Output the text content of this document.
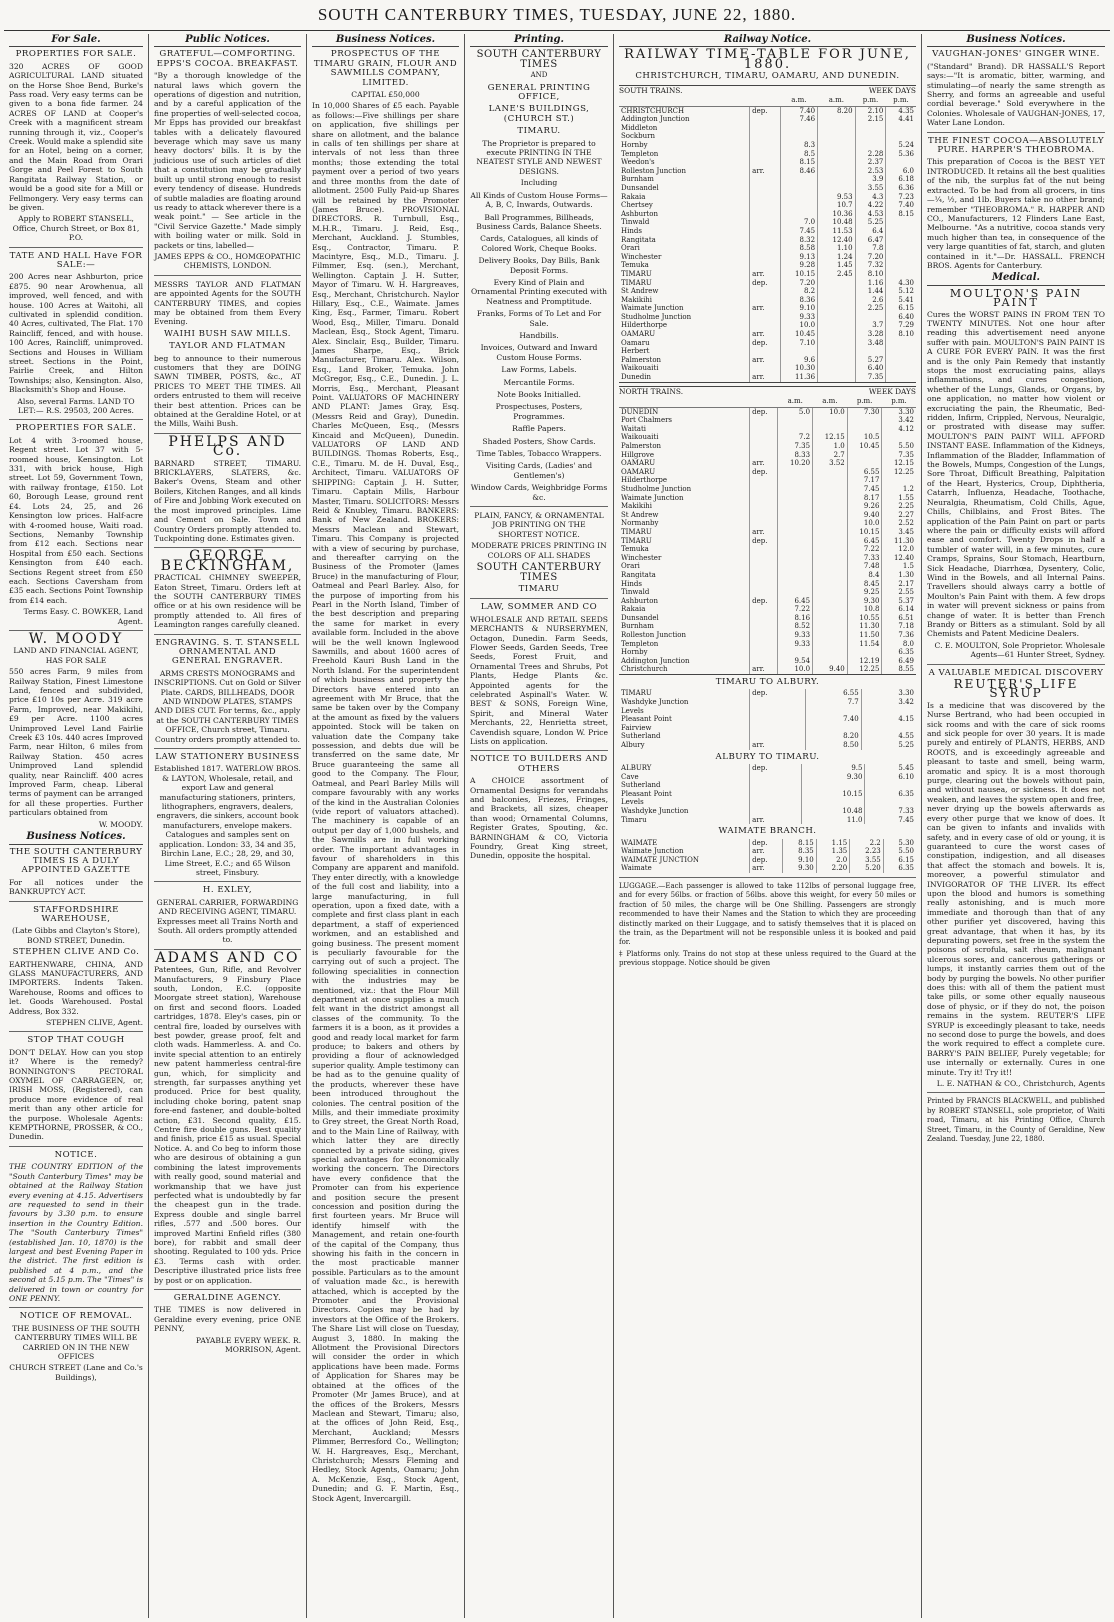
SOUTH CANTERBURY TIMES, TUESDAY, JUNE 22, 1880.
For Sale.
PROPERTIES FOR SALE.
320 ACRES OF GOOD AGRICULTURAL LAND situated on the Horse Shoe Bend, Burke's Pass road. Very easy terms can be given to a bona fide farmer. 24 ACRES OF LAND at Cooper's Creek with a magnificent stream running through it, viz., Cooper's Creek. Would make a splendid site for an Hotel, being on a corner, and the Main Road from Orari Gorge and Peel Forest to South Rangitata Railway Station, or would be a good site for a Mill or Fellmongery. Very easy terms can be given.
Apply to ROBERT STANSELL, Office, Church Street, or Box 81, P.O.
TATE AND HALL Have FOR SALE:—
200 Acres near Ashburton, price £875. 90 near Arowhenua, all improved, well fenced, and with house. 100 Acres at Waitohi, all cultivated in splendid condition. 40 Acres, cultivated, The Flat. 170 Raincliff, fenced, and with house. 100 Acres, Raincliff, unimproved. Sections and Houses in William street. Sections in the Point, Fairlie Creek, and Hilton Townships; also, Kensington. Also, Blacksmith's Shop and House.
Also, several Farms. LAND TO LET:— R.S. 29503, 200 Acres.
PROPERTIES FOR SALE.
Lot 4 with 3-roomed house, Regent street. Lot 37 with 5-roomed house, Kensington. Lot 331, with brick house, High street. Lot 59, Government Town, with railway frontage, £150. Lot 60, Borough Lease, ground rent £4. Lots 24, 25, and 26 Kensington low prices. Half-acre with 4-roomed house, Waiti road. Sections, Nemanby Township from £12 each. Sections near Hospital from £50 each. Sections Kensington from £40 each. Sections Regent street from £50 each. Sections Caversham from £35 each. Sections Point Township from £14 each.
Terms Easy. C. BOWKER, Land Agent.
W. MOODY
LAND AND FINANCIAL AGENT, HAS FOR SALE
550 acres Farm, 9 miles from Railway Station, Finest Limestone Land, fenced and subdivided, price £10 10s per Acre. 319 acre Farm, Improved, near Makikihi, £9 per Acre. 1100 acres Unimproved Level Land Fairlie Creek £3 10s. 440 acres Improved Farm, near Hilton, 6 miles from Railway Station. 450 acres Unimproved Land splendid quality, near Raincliff. 400 acres Improved Farm, cheap. Liberal terms of payment can be arranged for all these properties. Further particulars obtained from
W. MOODY.
Business Notices.
THE SOUTH CANTERBURY TIMES IS A DULY APPOINTED GAZETTE
For all notices under the BANKRUPTCY ACT.
STAFFORDSHIRE WAREHOUSE,
(Late Gibbs and Clayton's Store), BOND STREET, Dunedin.
STEPHEN CLIVE AND Co.
EARTHENWARE, CHINA, AND GLASS MANUFACTURERS, AND IMPORTERS. Indents Taken. Warehouse, Rooms and offices to let. Goods Warehoused. Postal Address, Box 332.
STEPHEN CLIVE, Agent.
STOP THAT COUGH
DON'T DELAY. How can you stop it? Where is the remedy? BONNINGTON'S PECTORAL OXYMEL OF CARRAGEEN, or, IRISH MOSS, (Registered), can produce more evidence of real merit than any other article for the purpose. Wholesale Agents: KEMPTHORNE, PROSSER, & CO., Dunedin.
NOTICE.
THE COUNTRY EDITION of the "South Canterbury Times" may be obtained at the Railway Station every evening at 4.15. Advertisers are requested to send in their favours by 3.30 p.m. to ensure insertion in the Country Edition. The "South Canterbury Times" (established Jan. 10, 1870) is the largest and best Evening Paper in the district. The first edition is published at 4 p.m., and the second at 5.15 p.m. The "Times" is delivered in town or country for ONE PENNY.
NOTICE OF REMOVAL.
THE BUSINESS OF THE SOUTH CANTERBURY TIMES WILL BE CARRIED ON IN THE NEW OFFICES
CHURCH STREET (Lane and Co.'s Buildings),
Public Notices.
GRATEFUL—COMFORTING. EPPS'S COCOA. BREAKFAST.
"By a thorough knowledge of the natural laws which govern the operations of digestion and nutrition, and by a careful application of the fine properties of well-selected cocoa, Mr Epps has provided our breakfast tables with a delicately flavoured beverage which may save us many heavy doctors' bills. It is by the judicious use of such articles of diet that a constitution may be gradually built up until strong enough to resist every tendency of disease. Hundreds of subtle maladies are floating around us ready to attack wherever there is a weak point." — See article in the "Civil Service Gazette." Made simply with boiling water or milk. Sold in packets or tins, labelled—
JAMES EPPS & CO., HOMŒOPATHIC CHEMISTS, LONDON.
MESSRS TAYLOR AND FLATMAN are appointed Agents for the SOUTH CANTERBURY TIMES, and copies may be obtained from them Every Evening.
WAIHI BUSH SAW MILLS.
TAYLOR AND FLATMAN
beg to announce to their numerous customers that they are DOING SAWN TIMBER, POSTS, &c., AT PRICES TO MEET THE TIMES. All orders entrusted to them will receive their best attention. Prices can be obtained at the Geraldine Hotel, or at the Mills, Waihi Bush.
PHELPS AND Co.
BARNARD STREET, TIMARU. BRICKLAYERS, SLATERS, &c. Baker's Ovens, Steam and other Boilers, Kitchen Ranges, and all kinds of Fire and Jobbing Work executed on the most improved principles. Lime and Cement on Sale. Town and Country Orders promptly attended to. Tuckpointing done. Estimates given.
GEORGE BECKINGHAM,
PRACTICAL CHIMNEY SWEEPER, Eaton Street, Timaru. Orders left at the SOUTH CANTERBURY TIMES office or at his own residence will be promptly attended to. All fires of Leamington ranges carefully cleaned.
ENGRAVING. S. T. STANSELL ORNAMENTAL AND GENERAL ENGRAVER.
ARMS CRESTS MONOGRAMS and INSCRIPTIONS. Cut on Gold or Silver Plate. CARDS, BILLHEADS, DOOR AND WINDOW PLATES, STAMPS AND DIES CUT. For terms, &c., apply at the SOUTH CANTERBURY TIMES OFFICE, Church street, Timaru. Country orders promptly attended to.
LAW STATIONERY BUSINESS
Established 1817. WATERLOW BROS. & LAYTON, Wholesale, retail, and export Law and general manufacturing stationers, printers, lithographers, engravers, dealers, engravers, die sinkers, account book manufacturers, envelope makers. Catalogues and samples sent on application. London: 33, 34 and 35, Birchin Lane, E.C.; 28, 29, and 30, Lime Street, E.C.; and 65 Wilson street, Finsbury.
H. EXLEY,
GENERAL CARRIER, FORWARDING AND RECEIVING AGENT, TIMARU. Expresses meet all Trains North and South. All orders promptly attended to.
ADAMS AND CO
Patentees, Gun, Rifle, and Revolver Manufacturers, 9 Finsbury Place south, London, E.C. (opposite Moorgate street station), Warehouse on first and second floors. Loaded cartridges, 1878. Eley's cases, pin or central fire, loaded by ourselves with best powder, grease proof, felt and cloth wads. Hammerless. A. and Co. invite special attention to an entirely new patent hammerless central-fire gun, which, for simplicity and strength, far surpasses anything yet produced. Price for best quality, including choke boring, patent snap fore-end fastener, and double-bolted action, £31. Second quality, £15. Centre fire double guns. Best quality and finish, price £15 as usual. Special Notice. A. and Co beg to inform those who are desirous of obtaining a gun combining the latest improvements with really good, sound material and workmanship that we have just perfected what is undoubtedly by far the cheapest gun in the trade. Express double and single barrel rifles, .577 and .500 bores. Our improved Martini Enfield rifles (380 bore), for rabbit and small deer shooting. Regulated to 100 yds. Price £3. Terms cash with order. Descriptive illustrated price lists free by post or on application.
GERALDINE AGENCY.
THE TIMES is now delivered in Geraldine every evening, price ONE PENNY,
PAYABLE EVERY WEEK. R. MORRISON, Agent.
Business Notices.
PROSPECTUS OF THE TIMARU GRAIN, FLOUR AND SAWMILLS COMPANY, LIMITED.
CAPITAL £50,000
In 10,000 Shares of £5 each. Payable as follows:—Five shillings per share on application, five shillings per share on allotment, and the balance in calls of ten shillings per share at intervals of not less than three months; those extending the total payment over a period of two years and three months from the date of allotment. 2500 Fully Paid-up Shares will be retained by the Promoter (James Bruce). PROVISIONAL DIRECTORS. R. Turnbull, Esq., M.H.R., Timaru. J. Reid, Esq., Merchant, Auckland. J. Stumbles, Esq., Contractor, Timaru. P. Macintyre, Esq., M.D., Timaru. J. Filmmer, Esq. (sen.), Merchant, Wellington. Captain J. H. Sutter, Mayor of Timaru. W. H. Hargreaves, Esq., Merchant, Christchurch. Naylor Hillary, Esq., C.E., Waimate. James King, Esq., Farmer, Timaru. Robert Wood, Esq., Miller, Timaru. Donald Maclean, Esq., Stock Agent, Timaru. Alex. Sinclair, Esq., Builder, Timaru. James Sharpe, Esq., Brick Manufacturer, Timaru. Alex. Wilson, Esq., Land Broker, Temuka. John McGregor, Esq., C.E., Dunedin. J. L. Morris, Esq., Merchant, Pleasant Point. VALUATORS OF MACHINERY AND PLANT: James Gray, Esq. (Messrs Reid and Gray), Dunedin. Charles McQueen, Esq., (Messrs Kincaid and McQueen), Dunedin. VALUATORS OF LAND AND BUILDINGS. Thomas Roberts, Esq., C.E., Timaru. M. de H. Duval, Esq., Architect, Timaru. VALUATORS OF SHIPPING: Captain J. H. Sutter, Timaru. Captain Mills, Harbour Master, Timaru. SOLICITORS: Messrs Reid & Knubley, Timaru. BANKERS: Bank of New Zealand. BROKERS: Messrs Maclean and Stewart, Timaru. This Company is projected with a view of securing by purchase, and thereafter carrying on the Business of the Promoter (James Bruce) in the manufacturing of Flour, Oatmeal and Pearl Barley. Also, for the purpose of importing from his Pearl in the North Island, Timber of the best description and preparing the same for market in every available form. Included in the above will be the well known Inglewood Sawmills, and about 1600 acres of Freehold Kauri Bush Land in the North Island. For the superintendent of which business and property the Directors have entered into an agreement with Mr Bruce, that the same be taken over by the Company at the amount as fixed by the valuers appointed. Stock will be taken on valuation date the Company take possession, and debts due will be transferred on the same date, Mr Bruce guaranteeing the same all good to the Company. The Flour, Oatmeal, and Pearl Barley Mills will compare favourably with any works of the kind in the Australian Colonies (vide report of valuators attached). The machinery is capable of an output per day of 1,000 bushels, and the Sawmills are in full working order. The important advantages in favour of shareholders in this Company are apparent and manifold. They enter directly, with a knowledge of the full cost and liability, into a large manufacturing, in full operation, upon a fixed date, with a complete and first class plant in each department, a staff of experienced workmen, and an established and going business. The present moment is peculiarly favourable for the carrying out of such a project. The following specialities in connection with the industries may be mentioned, viz.: that the Flour Mill department at once supplies a much felt want in the district amongst all classes of the community. To the farmers it is a boon, as it provides a good and ready local market for farm produce; to bakers and others by providing a flour of acknowledged superior quality. Ample testimony can be had as to the genuine quality of the products, wherever these have been introduced throughout the colonies. The central position of the Mills, and their immediate proximity to Grey street, the Great North Road, and to the Main Line of Railway, with which latter they are directly connected by a private siding, gives special advantages for economically working the concern. The Directors have every confidence that the Promoter can from his experience and position secure the present concession and position during the first fourteen years. Mr Bruce will identify himself with the Management, and retain one-fourth of the capital of the Company, thus showing his faith in the concern in the most practicable manner possible. Particulars as to the amount of valuation made &c., is herewith attached, which is accepted by the Promoter and the Provisional Directors. Copies may be had by investors at the Office of the Brokers. The Share List will close on Tuesday, August 3, 1880. In making the Allotment the Provisional Directors will consider the order in which applications have been made. Forms of Application for Shares may be obtained at the offices of the Promoter (Mr James Bruce), and at the offices of the Brokers, Messrs Maclean and Stewart, Timaru; also, at the offices of John Reid, Esq., Merchant, Auckland; Messrs Plimmer, Berresford Co., Wellington; W. H. Hargreaves, Esq., Merchant, Christchurch; Messrs Fleming and Hedley, Stock Agents, Oamaru; John A. McKenzie, Esq., Stock Agent, Dunedin; and G. F. Martin, Esq., Stock Agent, Invercargill.
Printing.
SOUTH CANTERBURY TIMES
AND
GENERAL PRINTING OFFICE,
LANE'S BUILDINGS, (CHURCH ST.)
TIMARU.
The Proprietor is prepared to execute PRINTING IN THE NEATEST STYLE AND NEWEST DESIGNS.
Including
All Kinds of Custom House Forms—A, B, C, Inwards, Outwards.
Ball Programmes, Billheads, Business Cards, Balance Sheets.
Cards, Catalogues, all kinds of Colored Work, Cheque Books.
Delivery Books, Day Bills, Bank Deposit Forms.
Every Kind of Plain and Ornamental Printing executed with Neatness and Promptitude.
Franks, Forms of To Let and For Sale.
Handbills.
Invoices, Outward and Inward Custom House Forms.
Law Forms, Labels.
Mercantile Forms.
Note Books Initialled.
Prospectuses, Posters, Programmes.
Raffle Papers.
Shaded Posters, Show Cards.
Time Tables, Tobacco Wrappers.
Visiting Cards, (Ladies' and Gentlemen's)
Window Cards, Weighbridge Forms &c.
PLAIN, FANCY, & ORNAMENTAL JOB PRINTING ON THE SHORTEST NOTICE.
MODERATE PRICES PRINTING IN COLORS OF ALL SHADES
SOUTH CANTERBURY TIMES
TIMARU
LAW, SOMMER AND CO
WHOLESALE AND RETAIL SEEDS MERCHANTS & NURSERYMEN, Octagon, Dunedin. Farm Seeds, Flower Seeds, Garden Seeds, Tree Seeds, Forest Fruit, and Ornamental Trees and Shrubs, Pot Plants, Hedge Plants &c. Appointed agents for the celebrated Aspinall's Water. W. BEST & SONS, Foreign Wine, Spirit, and Mineral Water Merchants, 22, Henrietta street, Cavendish square, London W. Price Lists on application.
NOTICE TO BUILDERS AND OTHERS
A CHOICE assortment of Ornamental Designs for verandahs and balconies, Friezes, Fringes, and Brackets, all sizes, cheaper than wood; Ornamental Columns, Register Grates, Spouting, &c. BARNINGHAM & CO, Victoria Foundry, Great King street, Dunedin, opposite the hospital.
Railway Notice.
RAILWAY TIME-TABLE FOR JUNE, 1880.
CHRISTCHURCH, TIMARU, OAMARU, AND DUNEDIN.
SOUTH TRAINS.	WEEK DAYS
		a.m.	a.m.	p.m.	p.m.
CHRISTCHURCH	dep.	7.40	8.20	2.10	4.35
Addington Junction		7.46		2.15	4.41
Middleton					
Sockburn					
Hornby		8.3			5.24
Templeton		8.5		2.28	5.36
Weedon's		8.15		2.37	
Rolleston Junction	arr.	8.46		2.53	6.0
Burnham				3.9	6.18
Dunsandel				3.55	6.36
Rakaia			9.53	4.3	7.23
Chertsey			10.7	4.22	7.40
Ashburton			10.36	4.53	8.15
Tinwald		7.0	10.48	5.25	
Hinds		7.45	11.53	6.4	
Rangitata		8.32	12.40	6.47	
Orari		8.58	1.10	7.8	
Winchester		9.13	1.24	7.20	
Temuka		9.28	1.45	7.32	
TIMARU	arr.	10.15	2.45	8.10	
TIMARU	dep.	7.20		1.16	4.30
St Andrew		8.2		1.44	5.12
Makikihi		8.36		2.6	5.41
Waimate Junction	arr.	9.10		2.25	6.15
Studholme Junction		9.33			6.40
Hilderthorpe		10.0		3.7	7.29
OAMARU	arr.	10.45		3.28	8.10
Oamaru	dep.	7.10		3.48	
Herbert					
Palmerston	arr.	9.6		5.27	
Waikouaiti		10.30		6.40	
Dunedin	arr.	11.36		7.35	
NORTH TRAINS.	WEEK DAYS
		a.m.	a.m.	p.m.	p.m.
DUNEDIN	dep.	5.0	10.0	7.30	3.30
Port Chalmers					3.42
Waitati					4.12
Waikouaiti		7.2	12.15	10.5	
Palmerston		7.35	1.0	10.45	5.50
Hillgrove		8.33	2.7		7.35
OAMARU	arr.	10.20	3.52		12.15
OAMARU	dep.			6.55	12.25
Hilderthorpe				7.17	
Studholme Junction				7.45	1.2
Waimate Junction				8.17	1.55
Makikihi				9.26	2.25
St Andrew				9.40	2.27
Normanby				10.0	2.52
TIMARU	arr.			10.15	3.45
TIMARU	dep.			6.45	11.30
Temuka				7.22	12.0
Winchester				7.33	12.40
Orari				7.48	1.5
Rangitata				8.4	1.30
Hinds				8.45	2.17
Tinwald				9.25	2.55
Ashburton	dep.	6.45		9.30	5.37
Rakaia		7.22		10.8	6.14
Dunsandel		8.16		10.55	6.51
Burnham		8.52		11.30	7.18
Rolleston Junction		9.33		11.50	7.36
Templeton		9.33		11.54	8.0
Hornby					6.35
Addington Junction		9.54		12.19	6.49
Christchurch	arr.	10.0	9.40	12.25	8.55
TIMARU TO ALBURY.
TIMARU	dep.	6.55	3.30
Washdyke Junction		7.7	3.42
Levels			
Pleasant Point		7.40	4.15
Fairview			
Sutherland		8.20	4.55
Albury	arr.	8.50	5.25
ALBURY TO TIMARU.
ALBURY	dep.	9.5	5.45
Cave		9.30	6.10
Sutherland			
Pleasant Point		10.15	6.35
Levels			
Washdyke Junction		10.48	7.33
Timaru	arr.	11.0	7.45
WAIMATE BRANCH.
WAIMATE	dep.	8.15	1.15	2.2	5.30
Waimate Junction	arr.	8.35	1.35	2.23	5.50
WAIMATE JUNCTION	dep.	9.10	2.0	3.55	6.15
Waimate	arr.	9.30	2.20	5.20	6.35
LUGGAGE.—Each passenger is allowed to take 112lbs of personal luggage free, and for every 56lbs. or fraction of 56lbs. above this weight, for every 50 miles or fraction of 50 miles, the charge will be One Shilling. Passengers are strongly recommended to have their Names and the Station to which they are proceeding distinctly marked on their Luggage, and to satisfy themselves that it is placed on the train, as the Department will not be responsible unless it is booked and paid for.
‡ Platforms only. Trains do not stop at these unless required to the Guard at the previous stoppage. Notice should be given
Business Notices.
VAUGHAN-JONES' GINGER WINE.
("Standard" Brand). DR HASSALL'S Report says:—"It is aromatic, bitter, warming, and stimulating—of nearly the same strength as Sherry, and forms an agreeable and useful cordial beverage." Sold everywhere in the Colonies. Wholesale of VAUGHAN-JONES, 17, Water Lane London.
THE FINEST COCOA—ABSOLUTELY PURE. HARPER'S THEOBROMA.
This preparation of Cocoa is the BEST YET INTRODUCED. It retains all the best qualities of the nib, the surplus fat of the nut being extracted. To be had from all grocers, in tins—¼, ½, and 1lb. Buyers take no other brand; remember "THEOBROMA." R. HARPER AND CO., Manufacturers, 12 Flinders Lane East, Melbourne. "As a nutritive, cocoa stands very much higher than tea, in consequence of the very large quantities of fat, starch, and gluten contained in it."—Dr. HASSALL. FRENCH BROS. Agents for Canterbury.
Medical.
MOULTON'S PAIN PAINT
Cures the WORST PAINS IN FROM TEN TO TWENTY MINUTES. Not one hour after reading this advertisement need anyone suffer with pain. MOULTON'S PAIN PAINT IS A CURE FOR EVERY PAIN. It was the first and is the only Pain Remedy that instantly stops the most excruciating pains, allays inflammations, and cures congestion, whether of the Lungs, Glands, or Organs, by one application, no matter how violent or excruciating the pain, the Rheumatic, Bed-ridden, Infirm, Crippled, Nervous, Neuralgic, or prostrated with disease may suffer. MOULTON'S PAIN PAINT WILL AFFORD INSTANT EASE. Inflammation of the Kidneys, Inflammation of the Bladder, Inflammation of the Bowels, Mumps, Congestion of the Lungs, Sore Throat, Difficult Breathing, Palpitation of the Heart, Hysterics, Croup, Diphtheria, Catarrh, Influenza, Headache, Toothache, Neuralgia, Rheumatism, Cold Chills, Ague, Chills, Chilblains, and Frost Bites. The application of the Pain Paint on part or parts where the pain or difficulty exists will afford ease and comfort. Twenty Drops in half a tumbler of water will, in a few minutes, cure Cramps, Sprains, Sour Stomach, Heartburn, Sick Headache, Diarrhœa, Dysentery, Colic, Wind in the Bowels, and all Internal Pains. Travellers should always carry a bottle of Moulton's Pain Paint with them. A few drops in water will prevent sickness or pains from change of water. It is better than French Brandy or Bitters as a stimulant. Sold by all Chemists and Patent Medicine Dealers.
C. E. MOULTON, Sole Proprietor. Wholesale Agents—61 Hunter Street, Sydney.
A VALUABLE MEDICAL DISCOVERY
REUTER'S LIFE SYRUP
Is a medicine that was discovered by the Nurse Bertrand, who had been occupied in sick rooms and with the care of sick rooms and sick people for over 30 years. It is made purely and entirely of PLANTS, HERBS, AND ROOTS, and is exceedingly agreeable and pleasant to taste and smell, being warm, aromatic and spicy. It is a most thorough purge, clearing out the bowels without pain, and without nausea, or sickness. It does not weaken, and leaves the system open and free, never drying up the bowels afterwards as every other purge that we know of does. It can be given to infants and invalids with safety, and in every case of old or young, it is guaranteed to cure the worst cases of constipation, indigestion, and all diseases that affect the stomach and bowels. It is, moreover, a powerful stimulator and INVIGORATOR OF THE LIVER. Its effect upon the blood and humors is something really astonishing, and is much more immediate and thorough than that of any other purifier yet discovered, having this great advantage, that when it has, by its depurating powers, set free in the system the poisons of scrofula, salt rheum, malignant ulcerous sores, and cancerous gatherings or lumps, it instantly carries them out of the body by purging the bowels. No other purifier does this: with all of them the patient must take pills, or some other equally nauseous dose of physic, or if they do not, the poison remains in the system. REUTER'S LIFE SYRUP is exceedingly pleasant to take, needs no second dose to purge the bowels, and does the work required to effect a complete cure. BARRY'S PAIN BELIEF, Purely vegetable; for use internally or externally. Cures in one minute. Try it! Try it!!
L. E. NATHAN & CO., Christchurch, Agents
Printed by FRANCIS BLACKWELL, and published by ROBERT STANSELL, sole proprietor, of Waiti road, Timaru, at his Printing Office, Church Street, Timaru, in the County of Geraldine, New Zealand. Tuesday, June 22, 1880.
